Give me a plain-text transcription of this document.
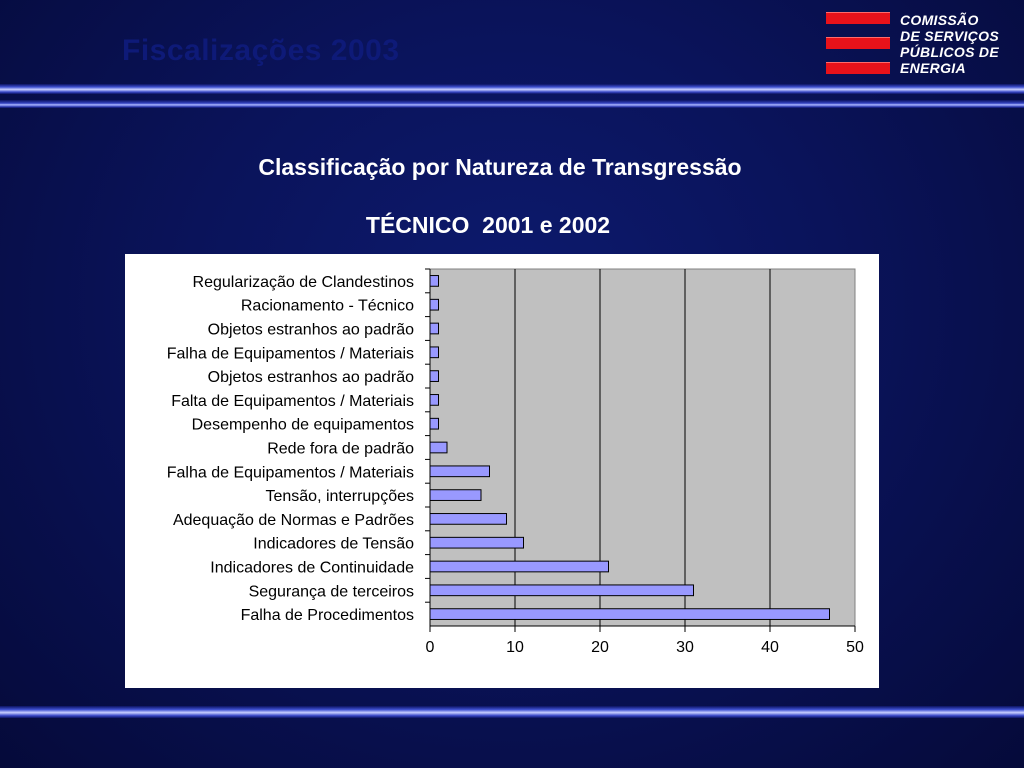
Fiscalizações 2003
COMISSÃO
DE SERVIÇOS
PÚBLICOS DE
ENERGIA
Classificação por Natureza de Transgressão
TÉCNICO  2001 e 2002
0	10	20	30	40	50
Regularização de Clandestinos
Racionamento - Técnico
Objetos estranhos ao padrão
Falha de Equipamentos / Materiais
Objetos estranhos ao padrão
Falta de Equipamentos / Materiais
Desempenho de equipamentos
Rede fora de padrão
Falha de Equipamentos / Materiais
Tensão, interrupções
Adequação de Normas e Padrões
Indicadores de Tensão
Indicadores de Continuidade
Segurança de terceiros
Falha de Procedimentos
